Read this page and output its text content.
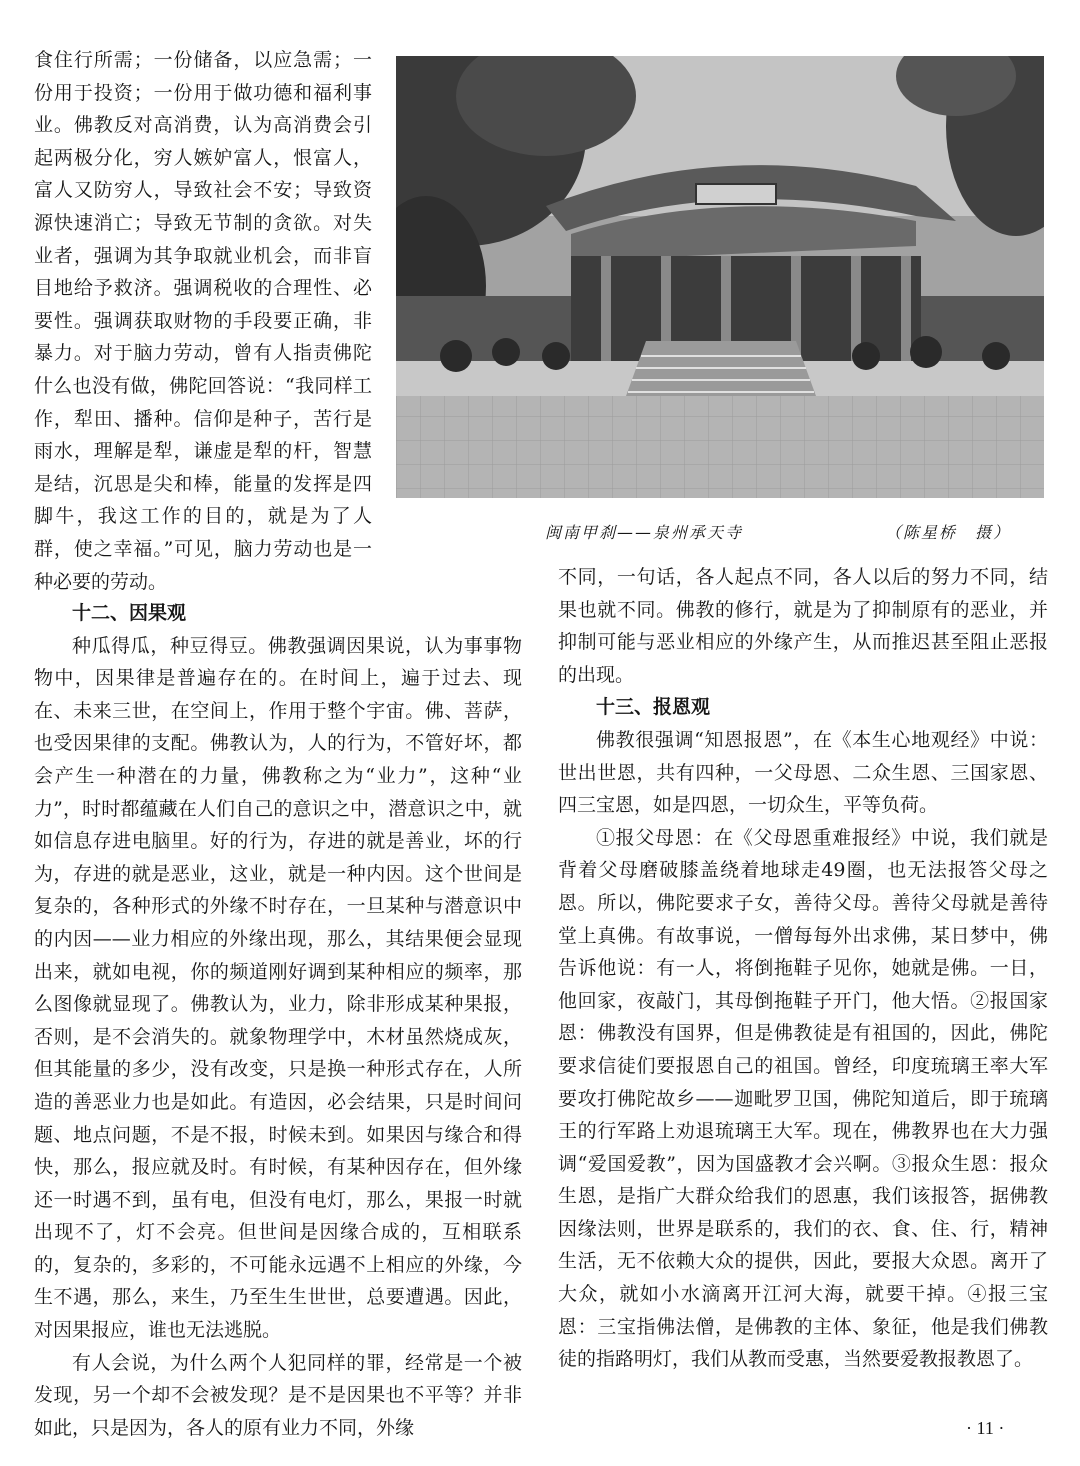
食住行所需；一份储备，以应急需；一份用于投资；一份用于做功德和福利事业。佛教反对高消费，认为高消费会引起两极分化，穷人嫉妒富人，恨富人，富人又防穷人，导致社会不安；导致资源快速消亡；导致无节制的贪欲。对失业者，强调为其争取就业机会，而非盲目地给予救济。强调税收的合理性、必要性。强调获取财物的手段要正确，非暴力。对于脑力劳动，曾有人指责佛陀什么也没有做，佛陀回答说：“我同样工作，犁田、播种。信仰是种子，苦行是雨水，理解是犁，谦虚是犁的杆，智慧是结，沉思是尖和棒，能量的发挥是四脚牛，我这工作的目的，就是为了人群，使之幸福。”可见，脑力劳动也是一种必要的劳动。

闽南甲刹——泉州承天寺	（陈星桥　摄）
十二、因果观

种瓜得瓜，种豆得豆。佛教强调因果说，认为事事物物中，因果律是普遍存在的。在时间上，遍于过去、现在、未来三世，在空间上，作用于整个宇宙。佛、菩萨，也受因果律的支配。佛教认为，人的行为，不管好坏，都会产生一种潜在的力量，佛教称之为“业力”，这种“业力”，时时都蕴藏在人们自己的意识之中，潜意识之中，就如信息存进电脑里。好的行为，存进的就是善业，坏的行为，存进的就是恶业，这业，就是一种内因。这个世间是复杂的，各种形式的外缘不时存在，一旦某种与潜意识中的内因——业力相应的外缘出现，那么，其结果便会显现出来，就如电视，你的频道刚好调到某种相应的频率，那么图像就显现了。佛教认为，业力，除非形成某种果报，否则，是不会消失的。就象物理学中，木材虽然烧成灰，但其能量的多少，没有改变，只是换一种形式存在，人所造的善恶业力也是如此。有造因，必会结果，只是时间问题、地点问题，不是不报，时候未到。如果因与缘合和得快，那么，报应就及时。有时候，有某种因存在，但外缘还一时遇不到，虽有电，但没有电灯，那么，果报一时就出现不了，灯不会亮。但世间是因缘合成的，互相联系的，复杂的，多彩的，不可能永远遇不上相应的外缘，今生不遇，那么，来生，乃至生生世世，总要遭遇。因此，对因果报应，谁也无法逃脱。

有人会说，为什么两个人犯同样的罪，经常是一个被发现，另一个却不会被发现？是不是因果也不平等？并非如此，只是因为，各人的原有业力不同，外缘

不同，一句话，各人起点不同，各人以后的努力不同，结果也就不同。佛教的修行，就是为了抑制原有的恶业，并抑制可能与恶业相应的外缘产生，从而推迟甚至阻止恶报的出现。

十三、报恩观

佛教很强调“知恩报恩”，在《本生心地观经》中说：世出世恩，共有四种，一父母恩、二众生恩、三国家恩、四三宝恩，如是四恩，一切众生，平等负荷。

①报父母恩：在《父母恩重难报经》中说，我们就是背着父母磨破膝盖绕着地球走49圈，也无法报答父母之恩。所以，佛陀要求子女，善待父母。善待父母就是善待堂上真佛。有故事说，一僧每每外出求佛，某日梦中，佛告诉他说：有一人，将倒拖鞋子见你，她就是佛。一日，他回家，夜敲门，其母倒拖鞋子开门，他大悟。②报国家恩：佛教没有国界，但是佛教徒是有祖国的，因此，佛陀要求信徒们要报恩自己的祖国。曾经，印度琉璃王率大军要攻打佛陀故乡——迦毗罗卫国，佛陀知道后，即于琉璃王的行军路上劝退琉璃王大军。现在，佛教界也在大力强调“爱国爱教”，因为国盛教才会兴啊。③报众生恩：报众生恩，是指广大群众给我们的恩惠，我们该报答，据佛教因缘法则，世界是联系的，我们的衣、食、住、行，精神生活，无不依赖大众的提供，因此，要报大众恩。离开了大众，就如小水滴离开江河大海，就要干掉。④报三宝恩：三宝指佛法僧，是佛教的主体、象征，他是我们佛教徒的指路明灯，我们从教而受惠，当然要爱教报教恩了。

· 11 ·
